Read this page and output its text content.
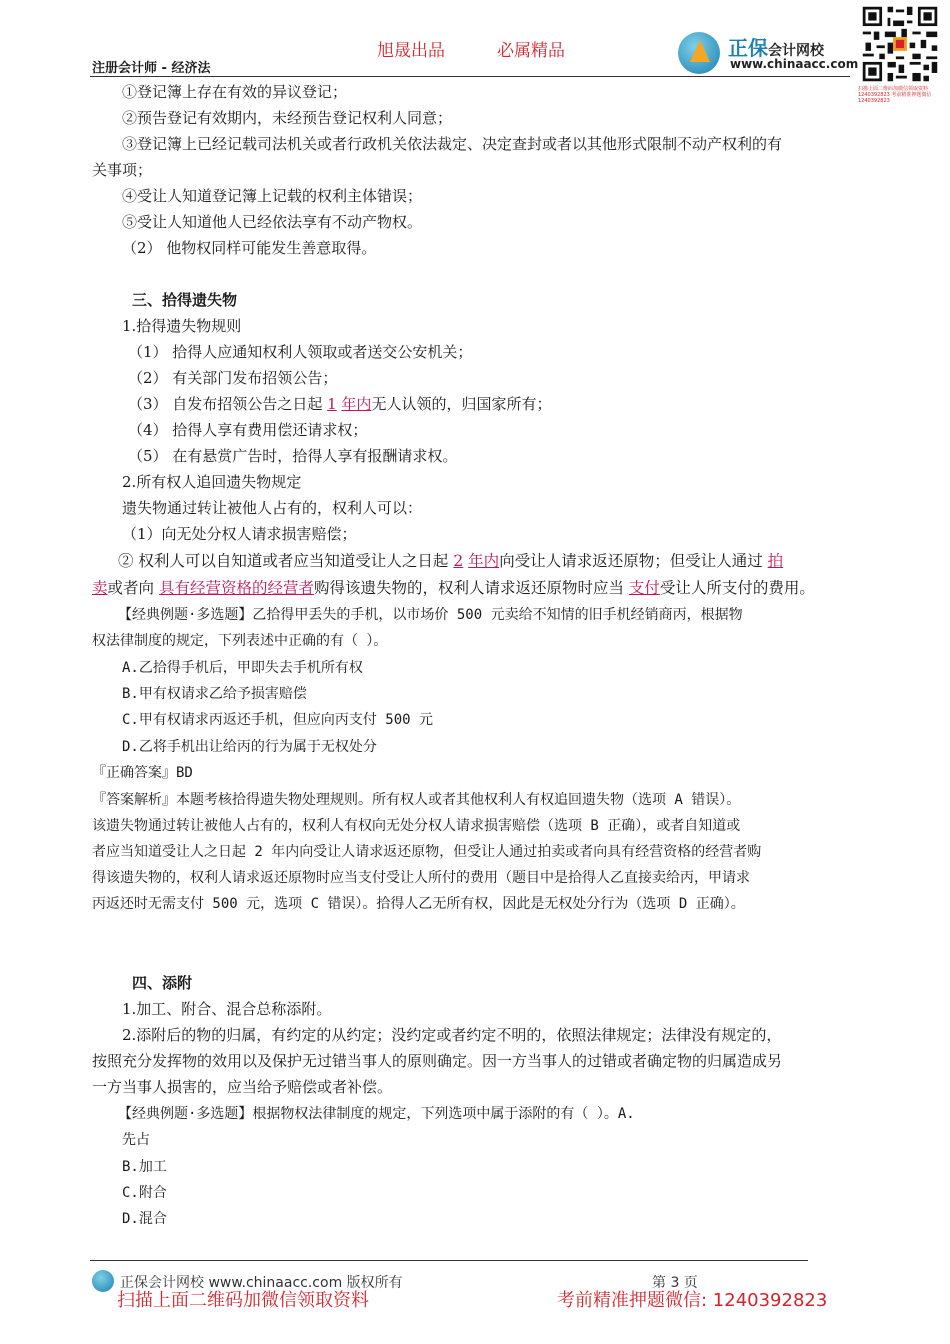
旭晟出品	必属精品
注册会计师 - 经济法
正保会计网校
www.chinaacc.com
扫描上面二维码加微信领取资料 1240392823 考前精准押题微信 1240392823
①登记簿上存在有效的异议登记；
②预告登记有效期内，未经预告登记权利人同意；
③登记簿上已经记载司法机关或者行政机关依法裁定、决定查封或者以其他形式限制不动产权利的有
关事项；
④受让人知道登记簿上记载的权利主体错误；
⑤受让人知道他人已经依法享有不动产物权。
（2） 他物权同样可能发生善意取得。
三、拾得遗失物
1.拾得遗失物规则
（1） 拾得人应通知权利人领取或者送交公安机关；
（2） 有关部门发布招领公告；
（3） 自发布招领公告之日起 1 年内无人认领的，归国家所有；
（4） 拾得人享有费用偿还请求权；
（5） 在有悬赏广告时，拾得人享有报酬请求权。
2.所有权人追回遗失物规定
遗失物通过转让被他人占有的，权利人可以：
（1）向无处分权人请求损害赔偿；
② 权利人可以自知道或者应当知道受让人之日起 2 年内向受让人请求返还原物；但受让人通过 拍
卖或者向 具有经营资格的经营者购得该遗失物的，权利人请求返还原物时应当 支付受让人所支付的费用。
【经典例题·多选题】乙拾得甲丢失的手机，以市场价 500 元卖给不知情的旧手机经销商丙，根据物
权法律制度的规定，下列表述中正确的有（ ）。
A.乙拾得手机后，甲即失去手机所有权
B.甲有权请求乙给予损害赔偿
C.甲有权请求丙返还手机，但应向丙支付 500 元
D.乙将手机出让给丙的行为属于无权处分
『正确答案』BD
『答案解析』本题考核拾得遗失物处理规则。所有权人或者其他权利人有权追回遗失物（选项 A 错误）。
该遗失物通过转让被他人占有的，权利人有权向无处分权人请求损害赔偿（选项 B 正确），或者自知道或
者应当知道受让人之日起 2 年内向受让人请求返还原物，但受让人通过拍卖或者向具有经营资格的经营者购
得该遗失物的，权利人请求返还原物时应当支付受让人所付的费用（题目中是拾得人乙直接卖给丙，甲请求
丙返还时无需支付 500 元，选项 C 错误）。拾得人乙无所有权，因此是无权处分行为（选项 D 正确）。
四、添附
1.加工、附合、混合总称添附。
2.添附后的物的归属，有约定的从约定；没约定或者约定不明的，依照法律规定；法律没有规定的，
按照充分发挥物的效用以及保护无过错当事人的原则确定。因一方当事人的过错或者确定物的归属造成另
一方当事人损害的，应当给予赔偿或者补偿。
【经典例题·多选题】根据物权法律制度的规定，下列选项中属于添附的有（ ）。A.
先占
B.加工
C.附合
D.混合
正保会计网校 www.chinaacc.com 版权所有	第 3 页
扫描上面二维码加微信领取资料	考前精准押题微信: 1240392823
